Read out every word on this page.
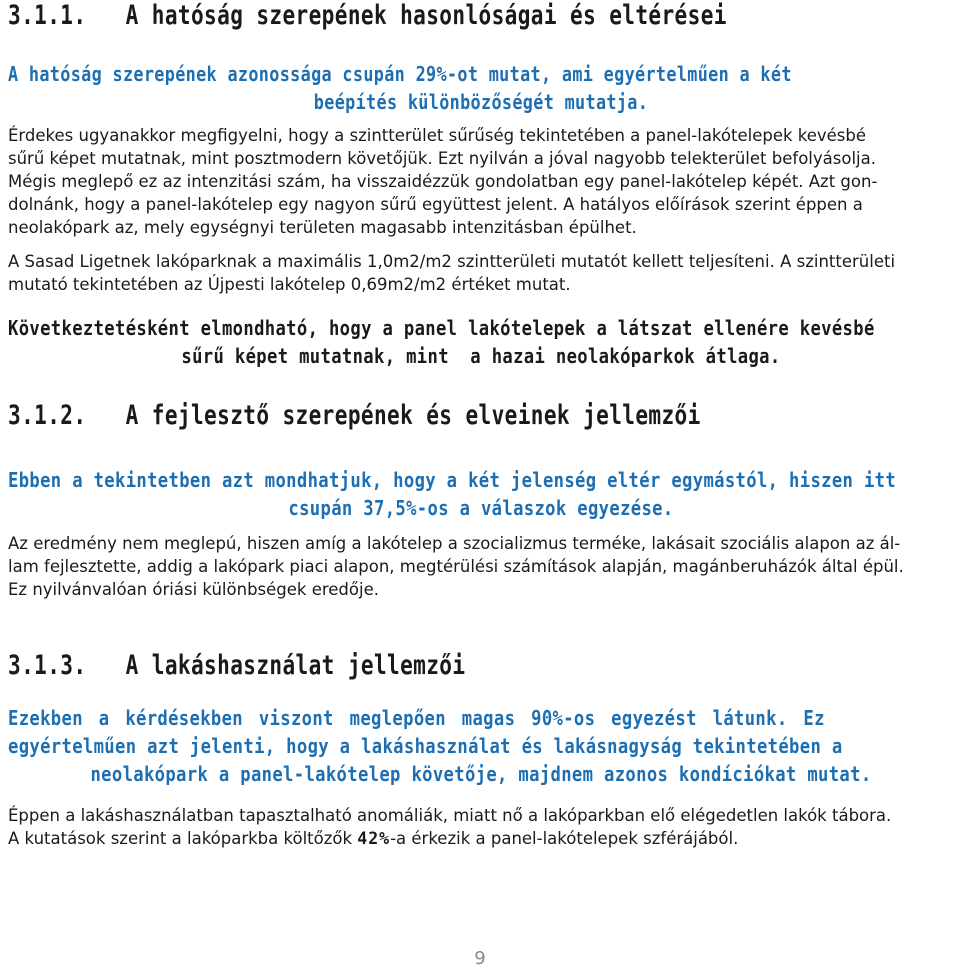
3.1.1. A hatóság szerepének hasonlóságai és eltérései
A hatóság szerepének azonossága csupán 29%-ot mutat, ami egyértelműen a két
beépítés különbözőségét mutatja.
Érdekes ugyanakkor megfigyelni, hogy a szintterület sűrűség tekintetében a panel-lakótelepek kevésbé
sűrű képet mutatnak, mint posztmodern követőjük. Ezt nyilván a jóval nagyobb telekterület befolyásolja.
Mégis meglepő ez az intenzitási szám, ha visszaidézzük gondolatban egy panel-lakótelep képét. Azt gon-
dolnánk, hogy a panel-lakótelep egy nagyon sűrű együttest jelent. A hatályos előírások szerint éppen a
neolakópark az, mely egységnyi területen magasabb intenzitásban épülhet.
A Sasad Ligetnek lakóparknak a maximális 1,0m2/m2 szintterületi mutatót kellett teljesíteni. A szintterületi
mutató tekintetében az Újpesti lakótelep 0,69m2/m2 értéket mutat.
Következtetésként elmondható, hogy a panel lakótelepek a látszat ellenére kevésbé
sűrű képet mutatnak, mint  a hazai neolakóparkok átlaga.
3.1.2. A fejlesztő szerepének és elveinek jellemzői
Ebben a tekintetben azt mondhatjuk, hogy a két jelenség eltér egymástól, hiszen itt
csupán 37,5%-os a válaszok egyezése.
Az eredmény nem meglepú, hiszen amíg a lakótelep a szocializmus terméke, lakásait szociális alapon az ál-
lam fejlesztette, addig a lakópark piaci alapon, megtérülési számítások alapján, magánberuházók által épül.
Ez nyilvánvalóan óriási különbségek eredője.
3.1.3. A lakáshasználat jellemzői
Ezekben a kérdésekben viszont meglepően magas 90%-os egyezést látunk. Ez
egyértelműen azt jelenti, hogy a lakáshasználat és lakásnagyság tekintetében a
neolakópark a panel-lakótelep követője, majdnem azonos kondíciókat mutat.
Éppen a lakáshasználatban tapasztalható anomáliák, miatt nő a lakóparkban elő elégedetlen lakók tábora.
A kutatások szerint a lakóparkba költőzők 42%-a érkezik a panel-lakótelepek szférájából.
9
